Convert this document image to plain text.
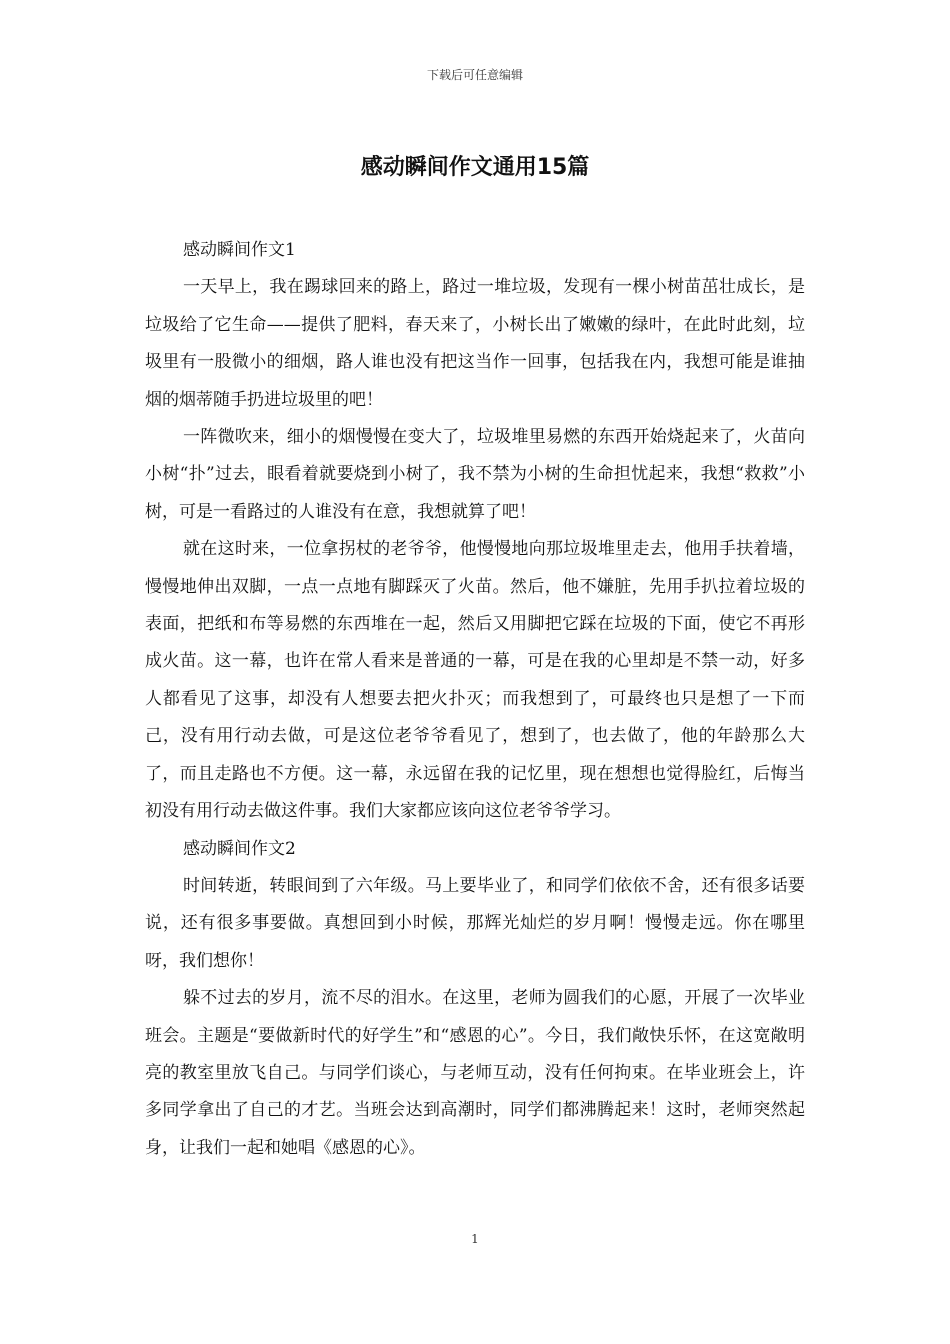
下载后可任意编辑
感动瞬间作文通用15篇

感动瞬间作文1

一天早上，我在踢球回来的路上，路过一堆垃圾，发现有一棵小树苗茁壮成长，是垃圾给了它生命——提供了肥料，春天来了，小树长出了嫩嫩的绿叶，在此时此刻，垃圾里有一股微小的细烟，路人谁也没有把这当作一回事，包括我在内，我想可能是谁抽烟的烟蒂随手扔进垃圾里的吧！

一阵微吹来，细小的烟慢慢在变大了，垃圾堆里易燃的东西开始烧起来了，火苗向小树“扑”过去，眼看着就要烧到小树了，我不禁为小树的生命担忧起来，我想“救救”小树，可是一看路过的人谁没有在意，我想就算了吧！

就在这时来，一位拿拐杖的老爷爷，他慢慢地向那垃圾堆里走去，他用手扶着墙，慢慢地伸出双脚，一点一点地有脚踩灭了火苗。然后，他不嫌脏，先用手扒拉着垃圾的表面，把纸和布等易燃的东西堆在一起，然后又用脚把它踩在垃圾的下面，使它不再形成火苗。这一幕，也许在常人看来是普通的一幕，可是在我的心里却是不禁一动，好多人都看见了这事，却没有人想要去把火扑灭；而我想到了，可最终也只是想了一下而己，没有用行动去做，可是这位老爷爷看见了，想到了，也去做了，他的年龄那么大了，而且走路也不方便。这一幕，永远留在我的记忆里，现在想想也觉得脸红，后悔当初没有用行动去做这件事。我们大家都应该向这位老爷爷学习。

感动瞬间作文2

时间转逝，转眼间到了六年级。马上要毕业了，和同学们依依不舍，还有很多话要说，还有很多事要做。真想回到小时候，那辉光灿烂的岁月啊！慢慢走远。你在哪里呀，我们想你！

躲不过去的岁月，流不尽的泪水。在这里，老师为圆我们的心愿，开展了一次毕业班会。主题是“要做新时代的好学生”和“感恩的心”。今日，我们敞快乐怀，在这宽敞明亮的教室里放飞自己。与同学们谈心，与老师互动，没有任何拘束。在毕业班会上，许多同学拿出了自己的才艺。当班会达到高潮时，同学们都沸腾起来！这时，老师突然起身，让我们一起和她唱《感恩的心》。

1
